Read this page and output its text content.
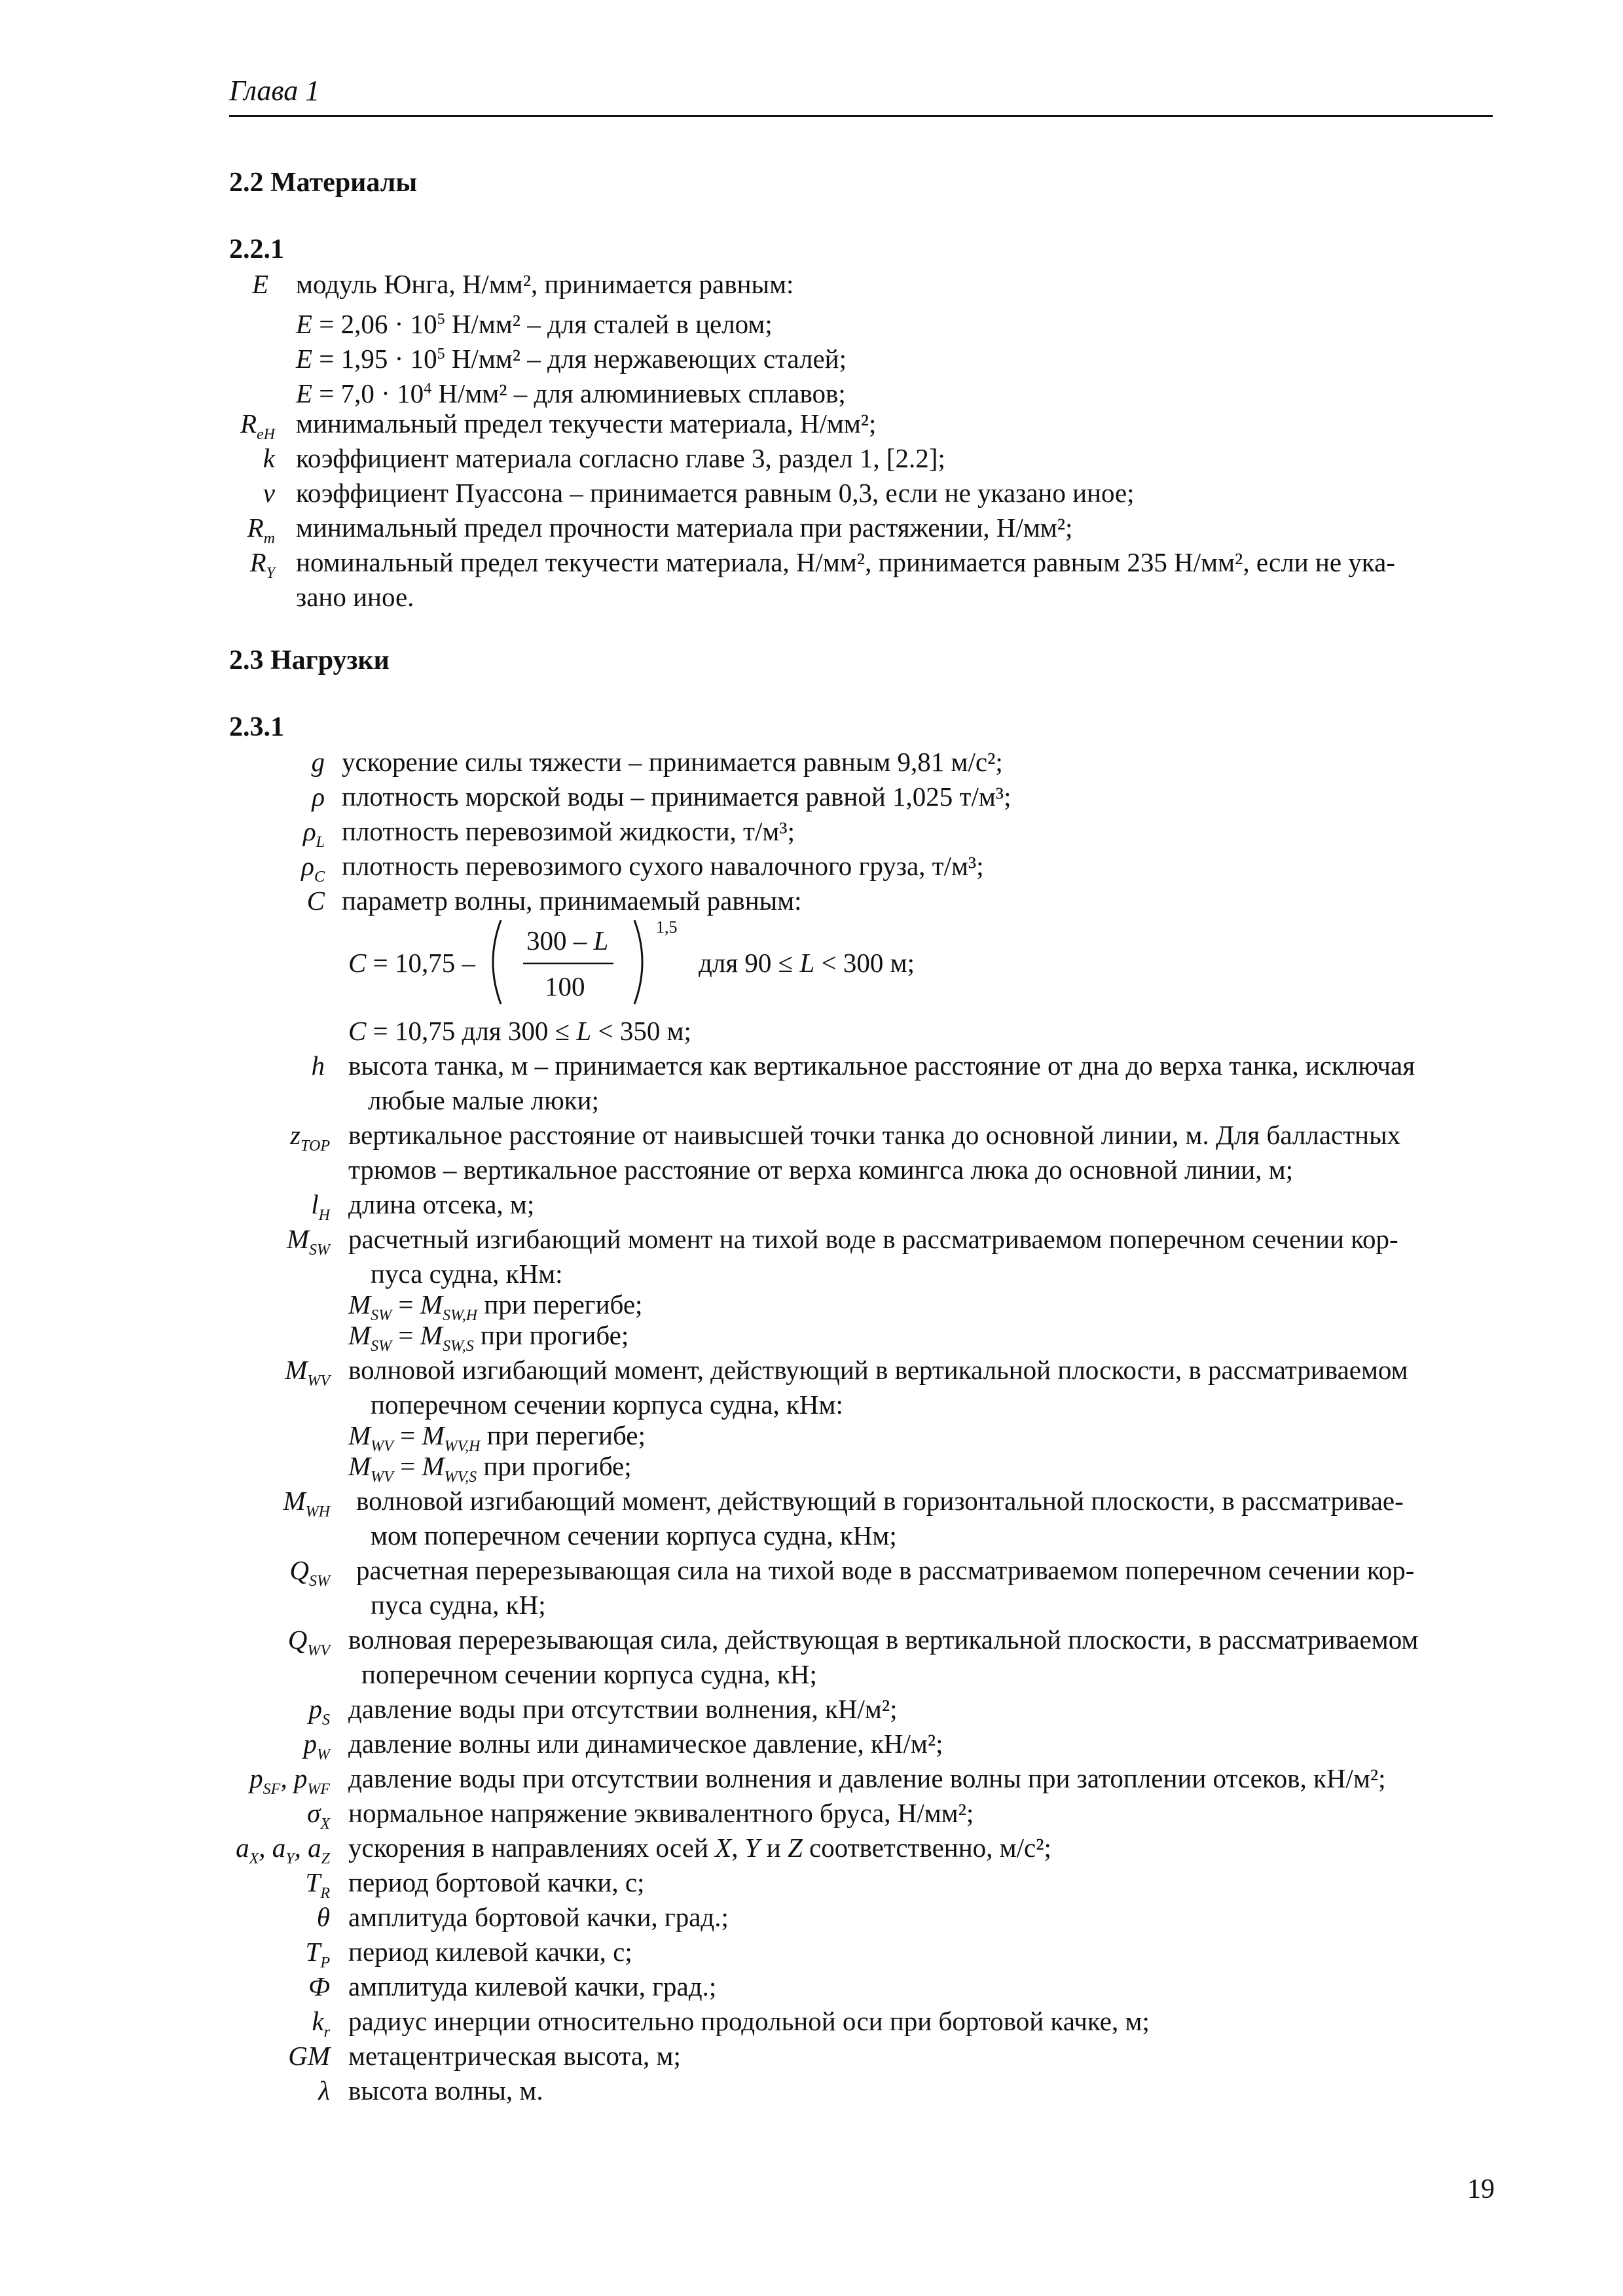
Глава 1
2.2 Материалы
2.2.1
E модуль Юнга, Н/мм², принимается равным:
$E = 2,06 \cdot 10^5$ Н/мм² – для сталей в целом;
$E = 1,95 \cdot 10^5$ Н/мм² – для нержавеющих сталей;
$E = 7,0 \cdot 10^4$ Н/мм² – для алюминиевых сплавов;
$R_{eH}$ минимальный предел текучести материала, Н/мм²;
k коэффициент материала согласно главе 3, раздел 1, [2.2];
ν коэффициент Пуассона – принимается равным 0,3, если не указано иное;
$R_m$ минимальный предел прочности материала при растяжении, Н/мм²;
$R_Y$ номинальный предел текучести материала, Н/мм², принимается равным 235 Н/мм², если не ука-
зано иное.
2.3 Нагрузки
2.3.1
g ускорение силы тяжести – принимается равным 9,81 м/с²;
ρ плотность морской воды – принимается равной 1,025 т/м³;
$\rho_L$ плотность перевозимой жидкости, т/м³;
$\rho_C$ плотность перевозимого сухого навалочного груза, т/м³;
C параметр волны, принимаемый равным:
C = 10,75 –
300 – L
100
1,5
для 90 ≤ L < 300 м;
C = 10,75 для 300 ≤ L < 350 м;
h высота танка, м – принимается как вертикальное расстояние от дна до верха танка, исключая
любые малые люки;
$z_{TOP}$ вертикальное расстояние от наивысшей точки танка до основной линии, м. Для балластных
трюмов – вертикальное расстояние от верха комингса люка до основной линии, м;
$l_H$ длина отсека, м;
$M_{SW}$ расчетный изгибающий момент на тихой воде в рассматриваемом поперечном сечении кор-
пуса судна, кНм:
$M_{SW} = M_{SW,H}$ при перегибе;
$M_{SW} = M_{SW,S}$ при прогибе;
$M_{WV}$ волновой изгибающий момент, действующий в вертикальной плоскости, в рассматриваемом
поперечном сечении корпуса судна, кНм:
$M_{WV} = M_{WV,H}$ при перегибе;
$M_{WV} = M_{WV,S}$ при прогибе;
$M_{WH}$ волновой изгибающий момент, действующий в горизонтальной плоскости, в рассматривае-
мом поперечном сечении корпуса судна, кНм;
$Q_{SW}$ расчетная перерезывающая сила на тихой воде в рассматриваемом поперечном сечении кор-
пуса судна, кН;
$Q_{WV}$ волновая перерезывающая сила, действующая в вертикальной плоскости, в рассматриваемом
поперечном сечении корпуса судна, кН;
$p_S$ давление воды при отсутствии волнения, кН/м²;
$p_W$ давление волны или динамическое давление, кН/м²;
$p_{SF}$, $p_{WF}$ давление воды при отсутствии волнения и давление волны при затоплении отсеков, кН/м²;
$\sigma_X$ нормальное напряжение эквивалентного бруса, Н/мм²;
$a_X$, $a_Y$, $a_Z$ ускорения в направлениях осей X, Y и Z соответственно, м/с²;
$T_R$ период бортовой качки, с;
θ амплитуда бортовой качки, град.;
$T_P$ период килевой качки, с;
Ф амплитуда килевой качки, град.;
$k_r$ радиус инерции относительно продольной оси при бортовой качке, м;
GM метацентрическая высота, м;
λ высота волны, м.
19
